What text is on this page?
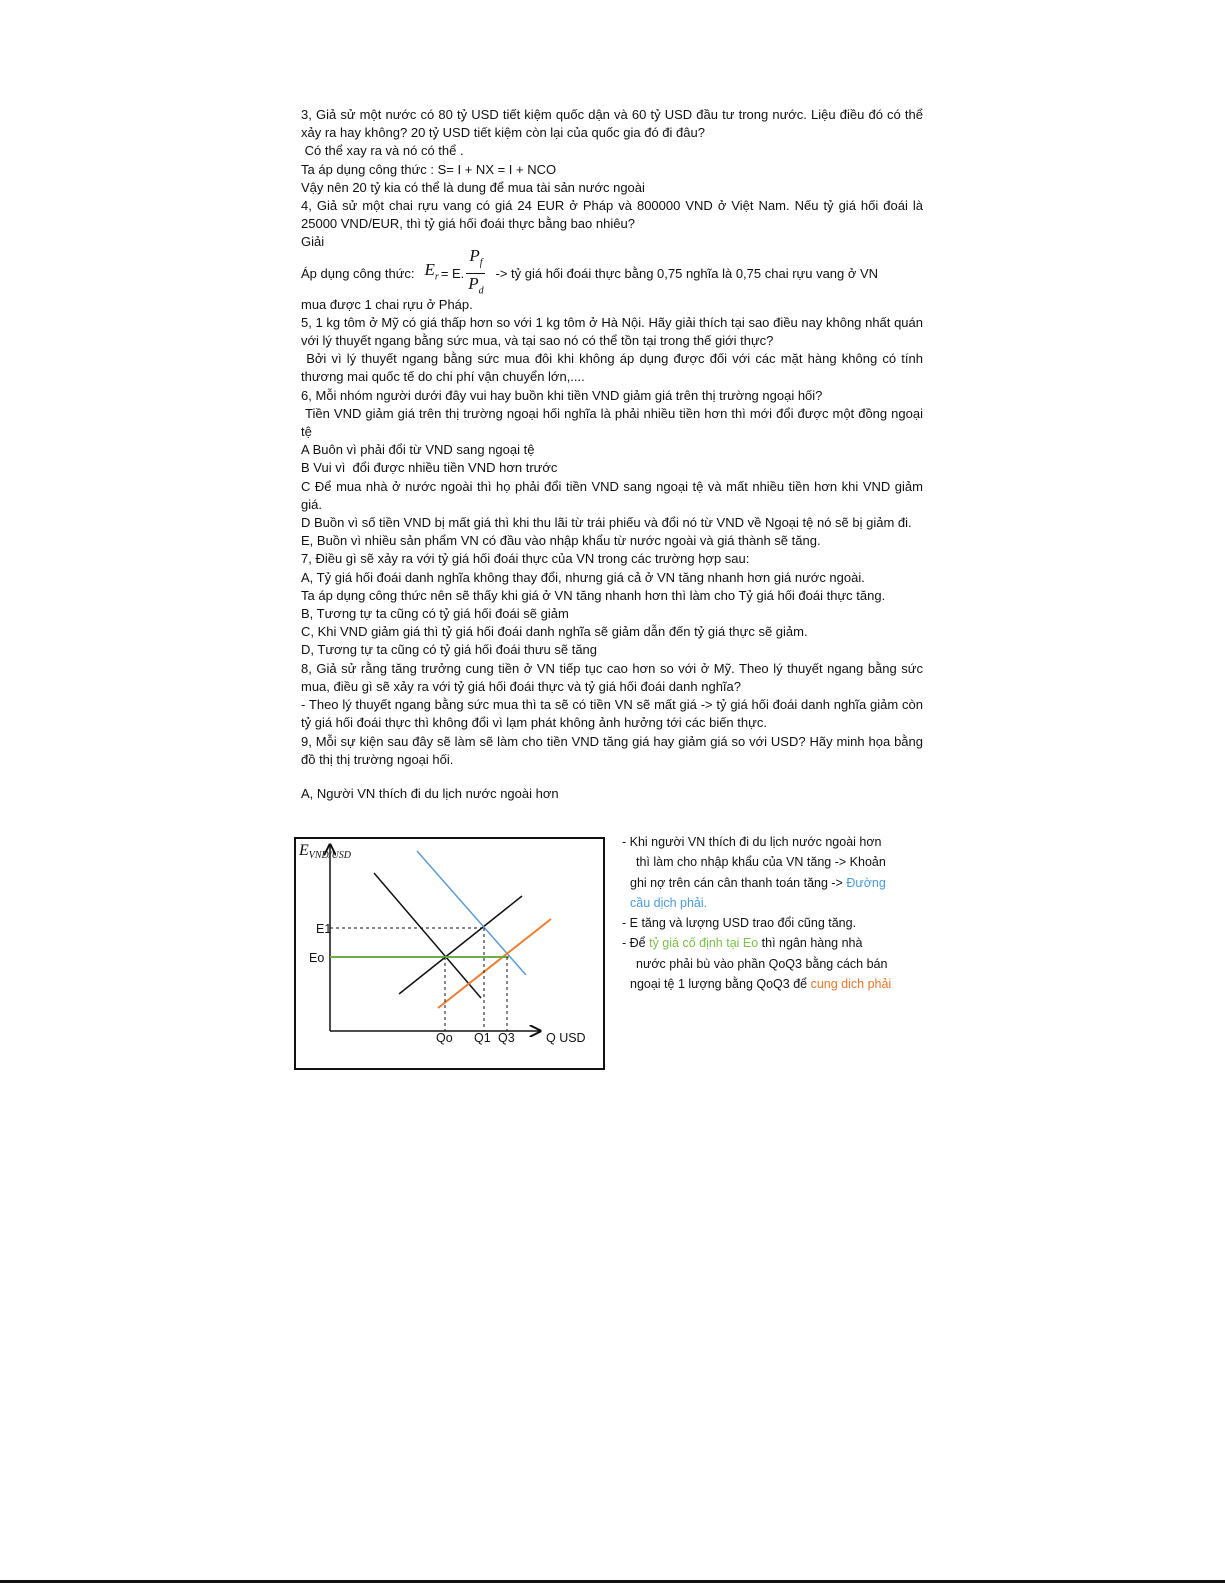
3, Giả sử một nước có 80 tỷ USD tiết kiệm quốc dận và 60 tỷ USD đầu tư trong nước. Liệu điều đó có thể xảy ra hay không? 20 tỷ USD tiết kiệm còn lại của quốc gia đó đi đâu?

Có thể xay ra và nó có thể .

Ta áp dụng công thức : S= I + NX = I + NCO

Vậy nên 20 tỷ kia có thể là dung để mua tài sản nước ngoài

4, Giả sử một chai rựu vang có giá 24 EUR ở Pháp và 800000 VND ở Việt Nam. Nếu tỷ giá hối đoái là 25000 VND/EUR, thì tỷ giá hối đoái thực bằng bao nhiêu?

Giải

Áp dụng công thức: $E_r = E$. $\frac{P_f}{P_d}$ -> tỷ giá hối đoái thực bằng 0,75 nghĩa là 0,75 chai rựu vang ở VN

mua được 1 chai rựu ở Pháp.

5, 1 kg tôm ở Mỹ có giá thấp hơn so với 1 kg tôm ở Hà Nội. Hãy giải thích tại sao điều nay không nhất quán với lý thuyết ngang bằng sức mua, và tại sao nó có thể tồn tại trong thế giới thực?

Bởi vì lý thuyết ngang bằng sức mua đôi khi không áp dụng được đối với các mặt hàng không có tính thương mai quốc tế do chi phí vận chuyển lớn,....

6, Mỗi nhóm người dưới đây vui hay buồn khi tiền VND giảm giá trên thị trường ngoại hối?

Tiền VND giảm giá trên thị trường ngoại hối nghĩa là phải nhiều tiền hơn thì mới đổi được một đồng ngoại tệ

A Buôn vì phải đổi từ VND sang ngoại tệ

B Vui vì  đổi được nhiều tiền VND hơn trước

C Để mua nhà ở nước ngoài thì họ phải đổi tiền VND sang ngoại tệ và mất nhiều tiền hơn khi VND giảm giá.

D Buồn vì số tiền VND bị mất giá thì khi thu lãi từ trái phiếu và đổi nó từ VND về Ngoại tệ nó sẽ bị giảm đi.

E, Buồn vì nhiều sản phẩm VN có đầu vào nhập khẩu từ nước ngoài và giá thành sẽ tăng.

7, Điều gì sẽ xảy ra với tỷ giá hối đoái thực của VN trong các trường hợp sau:

A, Tỷ giá hối đoái danh nghĩa không thay đổi, nhưng giá cả ở VN tăng nhanh hơn giá nước ngoài.

Ta áp dụng công thức nên sẽ thấy khi giá ở VN tăng nhanh hơn thì làm cho Tỷ giá hối đoái thực tăng.

B, Tương tự ta cũng có tỷ giá hối đoái sẽ giảm

C, Khi VND giảm giá thì tỷ giá hối đoái danh nghĩa sẽ giảm dẫn đến tỷ giá thực sẽ giảm.

D, Tương tự ta cũng có tỷ giá hối đoái thưu sẽ tăng

8, Giả sử rằng tăng trưởng cung tiền ở VN tiếp tục cao hơn so với ở Mỹ. Theo lý thuyết ngang bằng sức mua, điều gì sẽ xảy ra với tỷ giá hối đoái thực và tỷ giá hối đoái danh nghĩa?

- Theo lý thuyết ngang bằng sức mua thì ta sẽ có tiền VN sẽ mất giá -> tỷ giá hối đoái danh nghĩa giảm còn tỷ giá hối đoái thực thì không đổi vì lạm phát không ảnh hưởng tới các biến thực.

9, Mỗi sự kiện sau đây sẽ làm sẽ làm cho tiền VND tăng giá hay giảm giá so với USD? Hãy minh họa bằng đồ thị thị trường ngoại hối.

A, Người VN thích đi du lịch nước ngoài hơn

EVND/USD
E1
Eo
Qo Q1 Q3	Q USD

- Khi người VN thích đi du lịch nước ngoài hơn

thì làm cho nhập khẩu của VN tăng -> Khoản

ghi nợ trên cán cân thanh toán tăng -> Đường

cầu dịch phải.

- E tăng và lượng USD trao đổi cũng tăng.

- Để tỷ giá cố định tại Eo thì ngân hàng nhà

nước phải bù vào phần QoQ3 bằng cách bán

ngoại tệ 1 lượng bằng QoQ3 để cung dich phải
